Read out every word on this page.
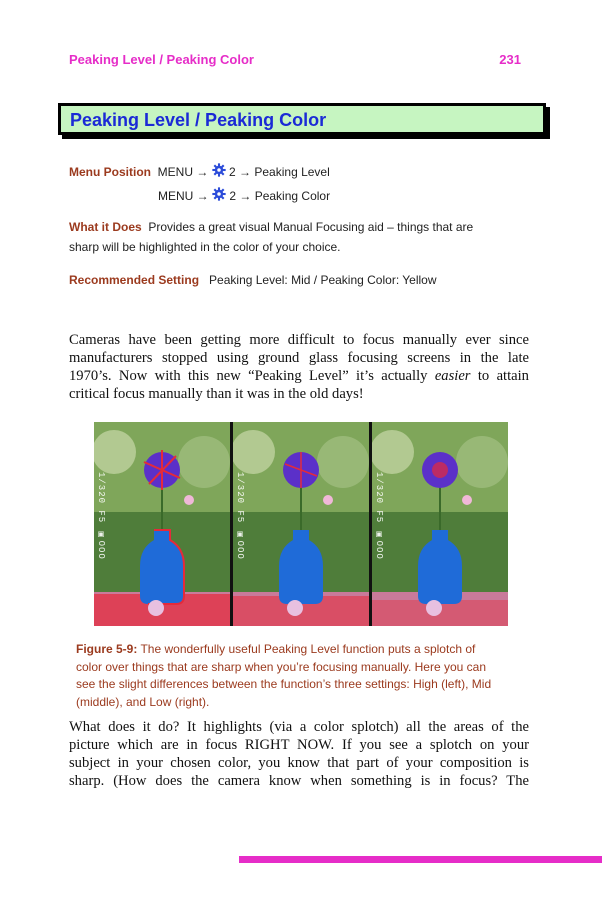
Peaking Level / Peaking Color	231
Peaking Level / Peaking Color
Menu Position MENU → 2 → Peaking Level
MENU → 2 → Peaking Color
What it Does Provides a great visual Manual Focusing aid – things that are
sharp will be highlighted in the color of your choice.
Recommended Setting Peaking Level: Mid / Peaking Color: Yellow
Cameras have been getting more difficult to focus manually ever since
manufacturers stopped using ground glass focusing screens in the late
1970’s. Now with this new “Peaking Level” it’s actually easier to attain
critical focus manually than it was in the old days!
1/320 F5 ▣OOO	1/320 F5 ▣OOO	1/320 F5 ▣OOO
Figure 5-9: The wonderfully useful Peaking Level function puts a splotch of
color over things that are sharp when you’re focusing manually. Here you can
see the slight differences between the function’s three settings: High (left), Mid
(middle), and Low (right).
What does it do? It highlights (via a color splotch) all the areas of the
picture which are in focus RIGHT NOW. If you see a splotch on your
subject in your chosen color, you know that part of your composition is
sharp. (How does the camera know when something is in focus? The
